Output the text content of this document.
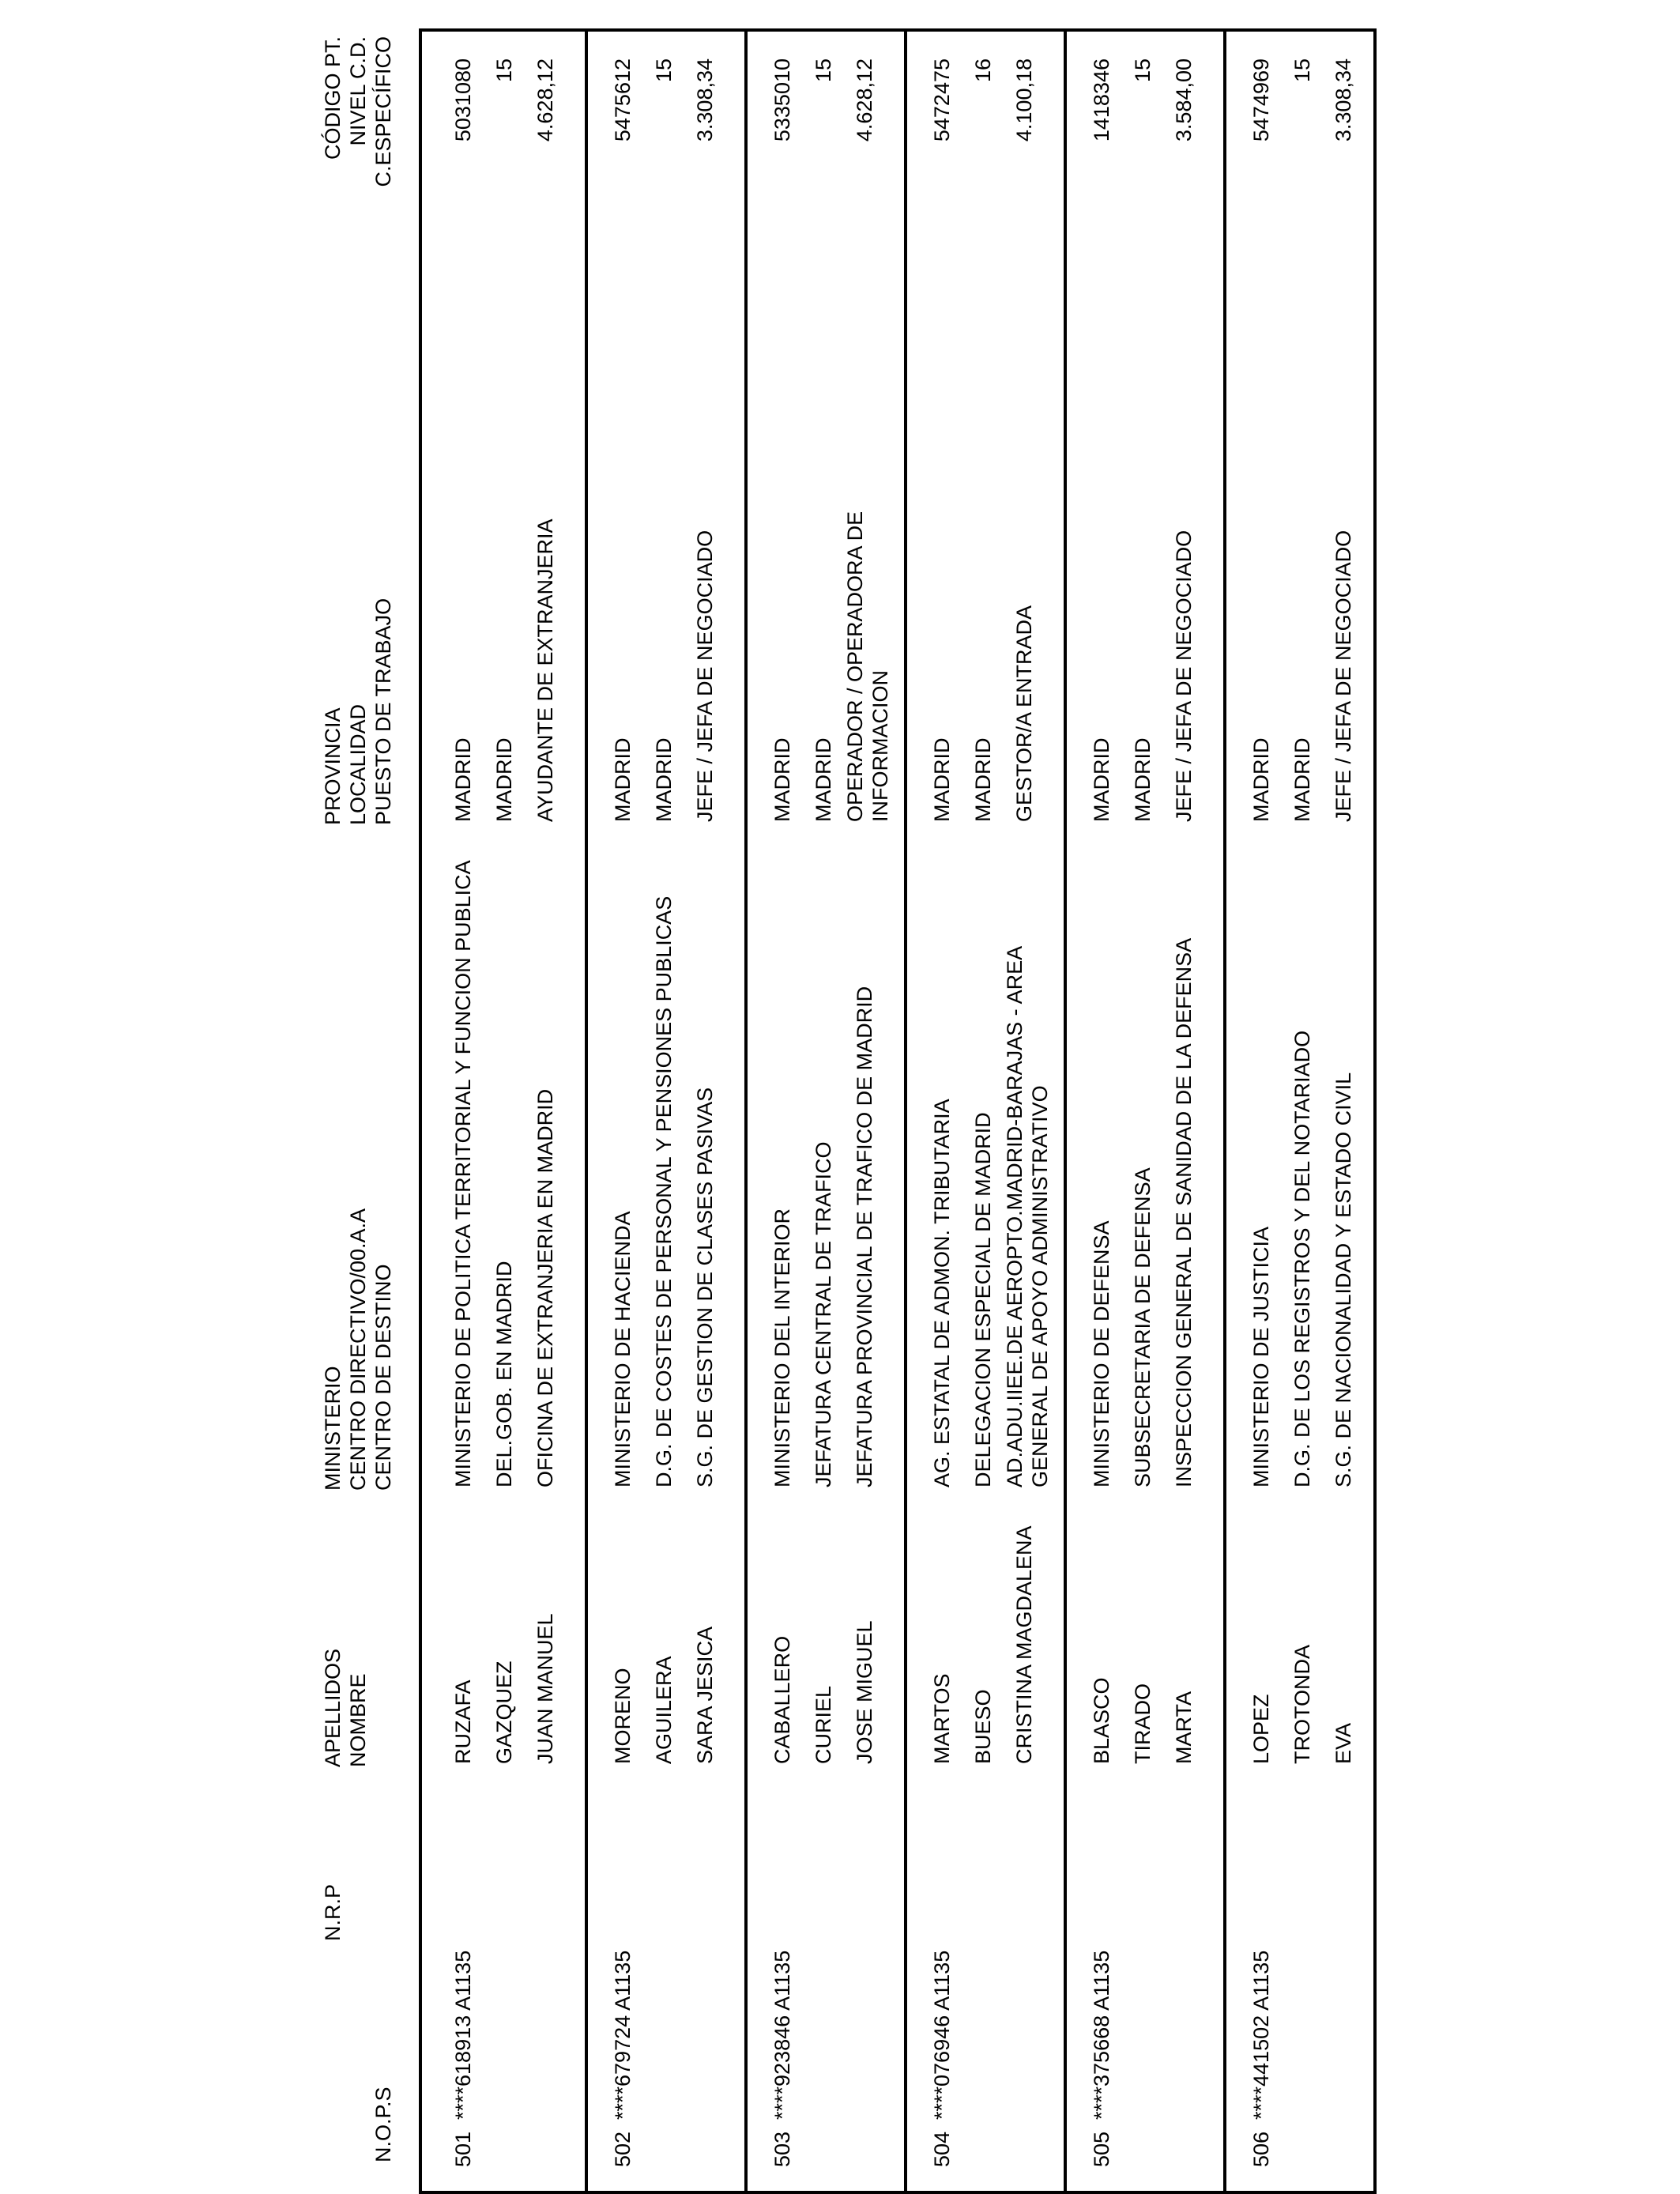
N.O.P.S
N.R.P
APELLIDOS NOMBRE
MINISTERIO CENTRO DIRECTIVO/00.A.A CENTRO DE DESTINO
PROVINCIA LOCALIDAD PUESTO DE TRABAJO
CÓDIGO PT. NIVEL C.D. C.ESPECÍFICO
501
****618913 A1135
RUZAFA GAZQUEZ JUAN MANUEL
MINISTERIO DE POLITICA TERRITORIAL Y FUNCION PUBLICA DEL.GOB. EN MADRID OFICINA DE EXTRANJERIA EN MADRID
MADRID MADRID AYUDANTE DE EXTRANJERIA
5031080 15 4.628,12
502
****679724 A1135
MORENO AGUILERA SARA JESICA
MINISTERIO DE HACIENDA D.G. DE COSTES DE PERSONAL Y PENSIONES PUBLICAS S.G. DE GESTION DE CLASES PASIVAS
MADRID MADRID JEFE / JEFA DE NEGOCIADO
5475612 15 3.308,34
503
****923846 A1135
CABALLERO CURIEL JOSE MIGUEL
MINISTERIO DEL INTERIOR JEFATURA CENTRAL DE TRAFICO JEFATURA PROVINCIAL DE TRAFICO DE MADRID
MADRID MADRID OPERADOR / OPERADORA DE INFORMACION
5335010 15 4.628,12
504
****076946 A1135
MARTOS BUESO CRISTINA MAGDALENA
AG. ESTATAL DE ADMON. TRIBUTARIA DELEGACION ESPECIAL DE MADRID AD.ADU.IIEE.DE AEROPTO.MADRID-BARAJAS - AREA GENERAL DE APOYO ADMINISTRATIVO
MADRID MADRID GESTOR/A ENTRADA
5472475 16 4.100,18
505
****375668 A1135
BLASCO TIRADO MARTA
MINISTERIO DE DEFENSA SUBSECRETARIA DE DEFENSA INSPECCION GENERAL DE SANIDAD DE LA DEFENSA
MADRID MADRID JEFE / JEFA DE NEGOCIADO
1418346 15 3.584,00
506
****441502 A1135
LOPEZ TROTONDA EVA
MINISTERIO DE JUSTICIA D.G. DE LOS REGISTROS Y DEL NOTARIADO S.G. DE NACIONALIDAD Y ESTADO CIVIL
MADRID MADRID JEFE / JEFA DE NEGOCIADO
5474969 15 3.308,34
